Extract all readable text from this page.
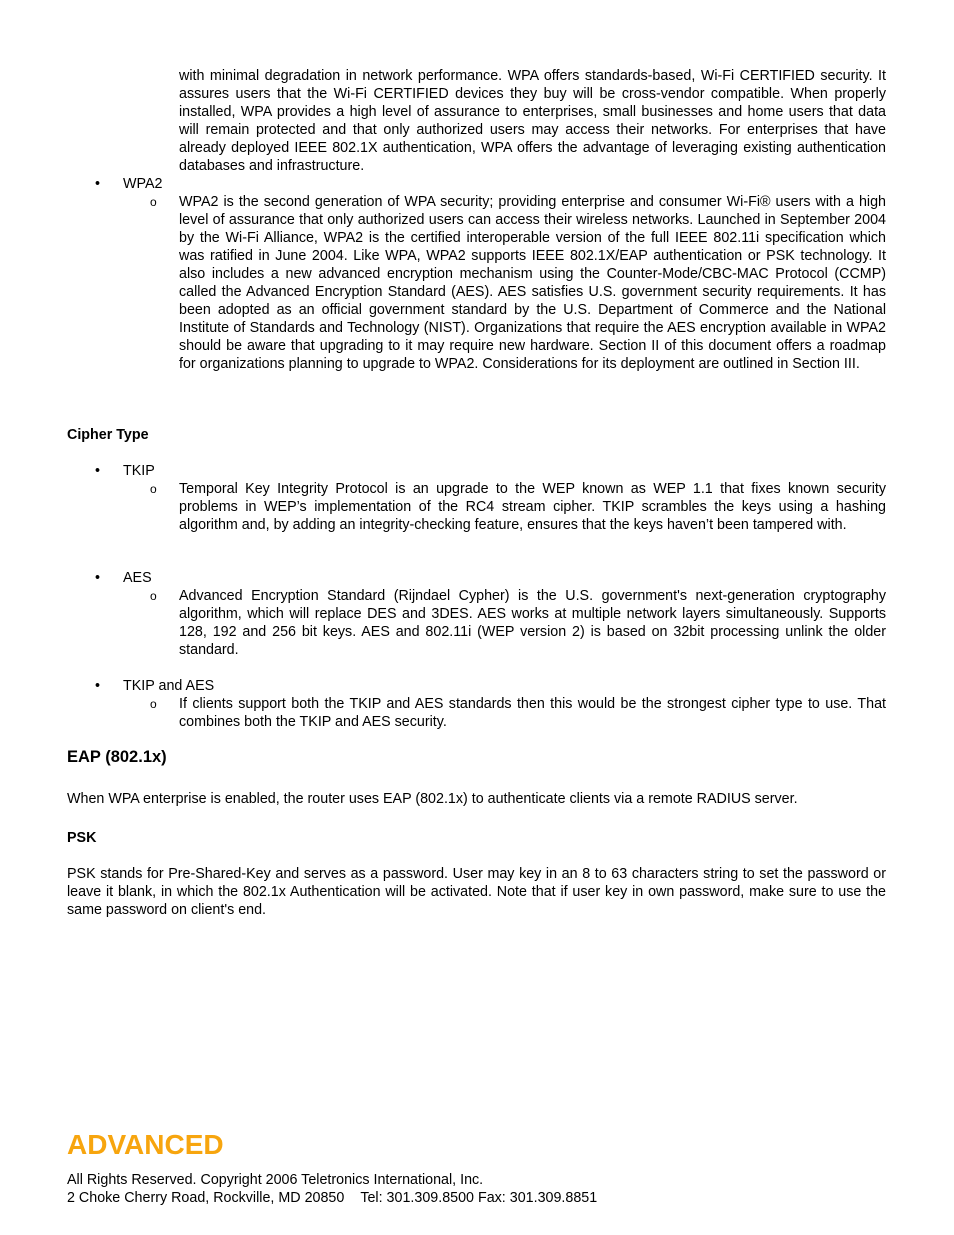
with minimal degradation in network performance. WPA offers standards-based, Wi-Fi CERTIFIED security. It assures users that the Wi-Fi CERTIFIED devices they buy will be cross-vendor compatible. When properly installed, WPA provides a high level of assurance to enterprises, small businesses and home users that data will remain protected and that only authorized users may access their networks. For enterprises that have already deployed IEEE 802.1X authentication, WPA offers the advantage of leveraging existing authentication databases and infrastructure.

•	WPA2
o WPA2 is the second generation of WPA security; providing enterprise and consumer Wi-Fi® users with a high level of assurance that only authorized users can access their wireless networks. Launched in September 2004 by the Wi-Fi Alliance, WPA2 is the certified interoperable version of the full IEEE 802.11i specification which was ratified in June 2004. Like WPA, WPA2 supports IEEE 802.1X/EAP authentication or PSK technology. It also includes a new advanced encryption mechanism using the Counter-Mode/CBC-MAC Protocol (CCMP) called the Advanced Encryption Standard (AES). AES satisfies U.S. government security requirements. It has been adopted as an official government standard by the U.S. Department of Commerce and the National Institute of Standards and Technology (NIST). Organizations that require the AES encryption available in WPA2 should be aware that upgrading to it may require new hardware. Section II of this document offers a roadmap for organizations planning to upgrade to WPA2. Considerations for its deployment are outlined in Section III.

Cipher Type
•	TKIP
o Temporal Key Integrity Protocol is an upgrade to the WEP known as WEP 1.1 that fixes known security problems in WEP’s implementation of the RC4 stream cipher. TKIP scrambles the keys using a hashing algorithm and, by adding an integrity-checking feature, ensures that the keys haven’t been tampered with.

•	AES
o Advanced Encryption Standard (Rijndael Cypher) is the U.S. government's next-generation cryptography algorithm, which will replace DES and 3DES. AES works at multiple network layers simultaneously. Supports 128, 192 and 256 bit keys. AES and 802.11i (WEP version 2) is based on 32bit processing unlink the older standard.

•	TKIP and AES
o If clients support both the TKIP and AES standards then this would be the strongest cipher type to use. That combines both the TKIP and AES security.

EAP (802.1x)

When WPA enterprise is enabled, the router uses EAP (802.1x) to authenticate clients via a remote RADIUS server.

PSK

PSK stands for Pre-Shared-Key and serves as a password. User may key in an 8 to 63 characters string to set the password or leave it blank, in which the 802.1x Authentication will be activated. Note that if user key in own password, make sure to use the same password on client's end.

ADVANCED
All Rights Reserved. Copyright 2006 Teletronics International, Inc.
2 Choke Cherry Road, Rockville, MD 20850 Tel: 301.309.8500 Fax: 301.309.8851
